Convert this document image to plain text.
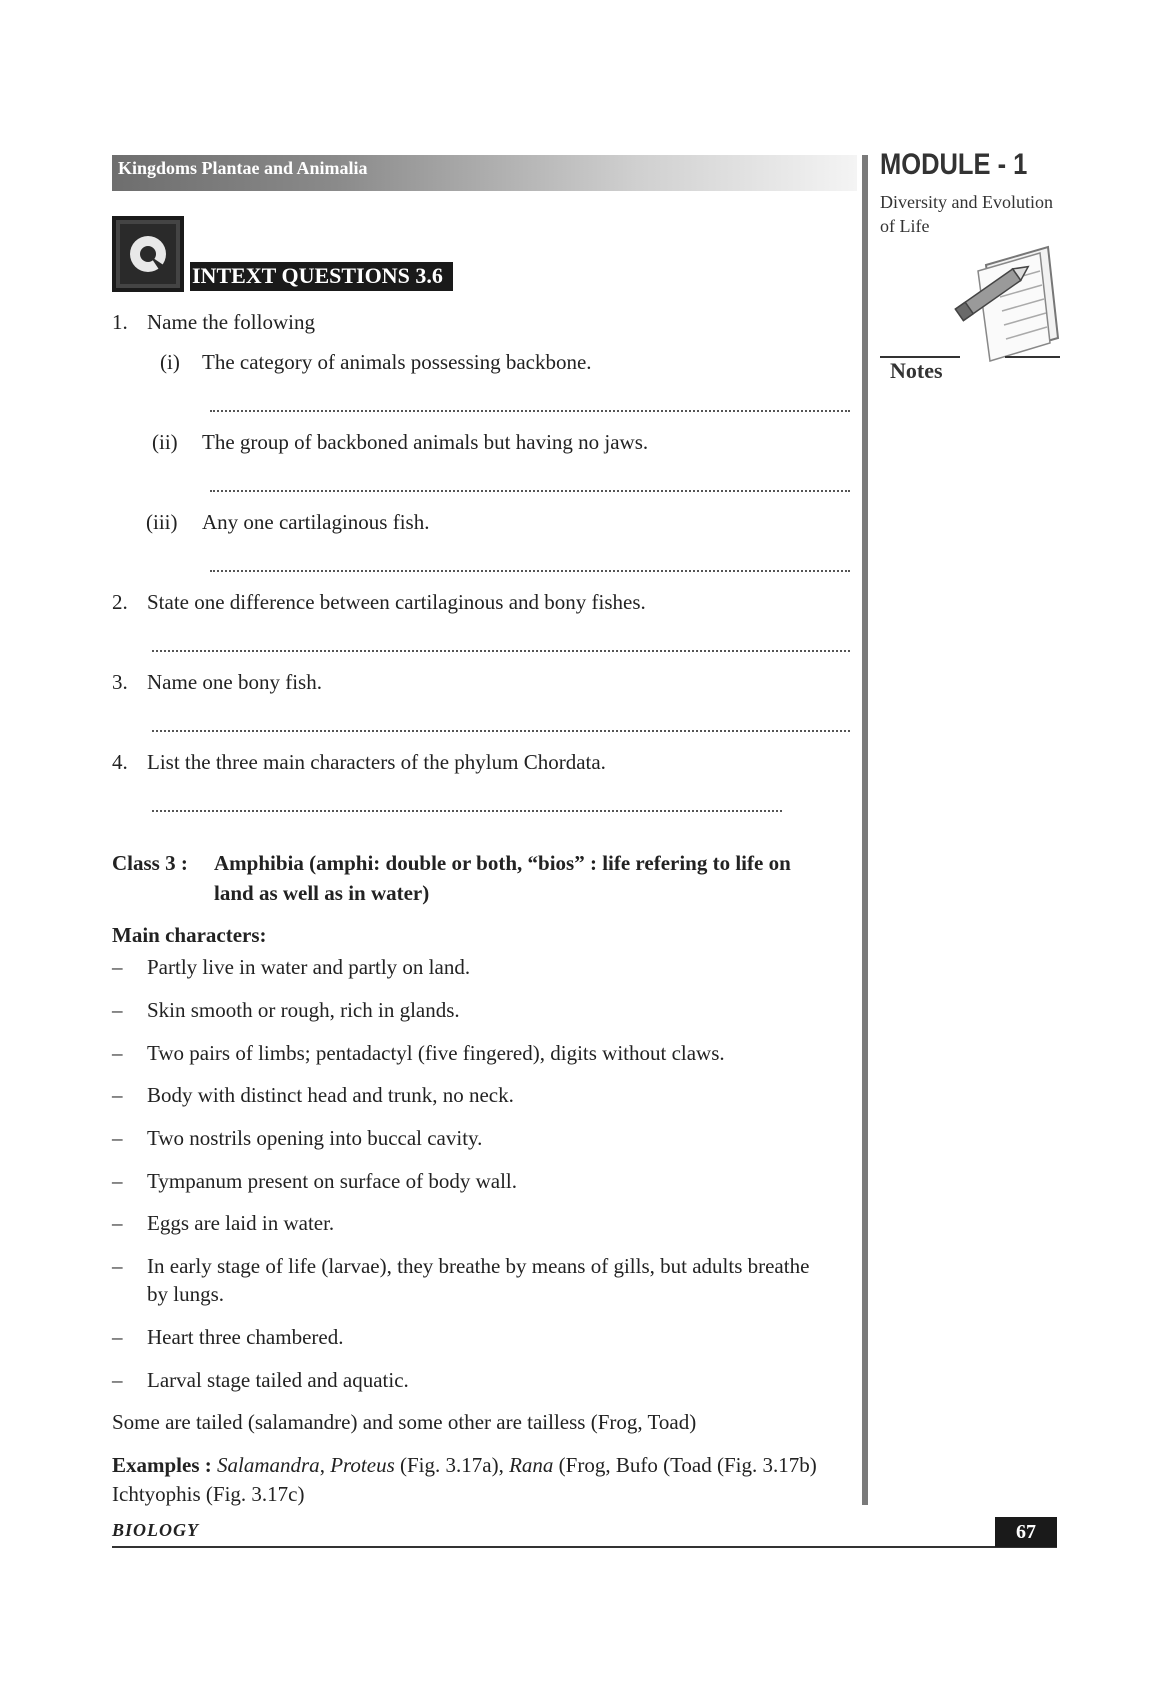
Kingdoms Plantae and Animalia	MODULE - 1
Diversity and Evolution
of Life
Notes
INTEXT QUESTIONS 3.6
1. Name the following
(i) The category of animals possessing backbone.
(ii) The group of backboned animals but having no jaws.
(iii) Any one cartilaginous fish.
2. State one difference between cartilaginous and bony fishes.
3. Name one bony fish.
4. List the three main characters of the phylum Chordata.
Class 3 : Amphibia (amphi: double or both, “bios” : life refering to life on
land as well as in water)
Main characters:
– Partly live in water and partly on land.
– Skin smooth or rough, rich in glands.
– Two pairs of limbs; pentadactyl (five fingered), digits without claws.
– Body with distinct head and trunk, no neck.
– Two nostrils opening into buccal cavity.
– Tympanum present on surface of body wall.
– Eggs are laid in water.
– In early stage of life (larvae), they breathe by means of gills, but adults breathe
by lungs.
– Heart three chambered.
– Larval stage tailed and aquatic.
Some are tailed (salamandre) and some other are tailless (Frog, Toad)
Examples : Salamandra, Proteus (Fig. 3.17a), Rana (Frog, Bufo (Toad (Fig. 3.17b)
Ichtyophis (Fig. 3.17c)
BIOLOGY	67
